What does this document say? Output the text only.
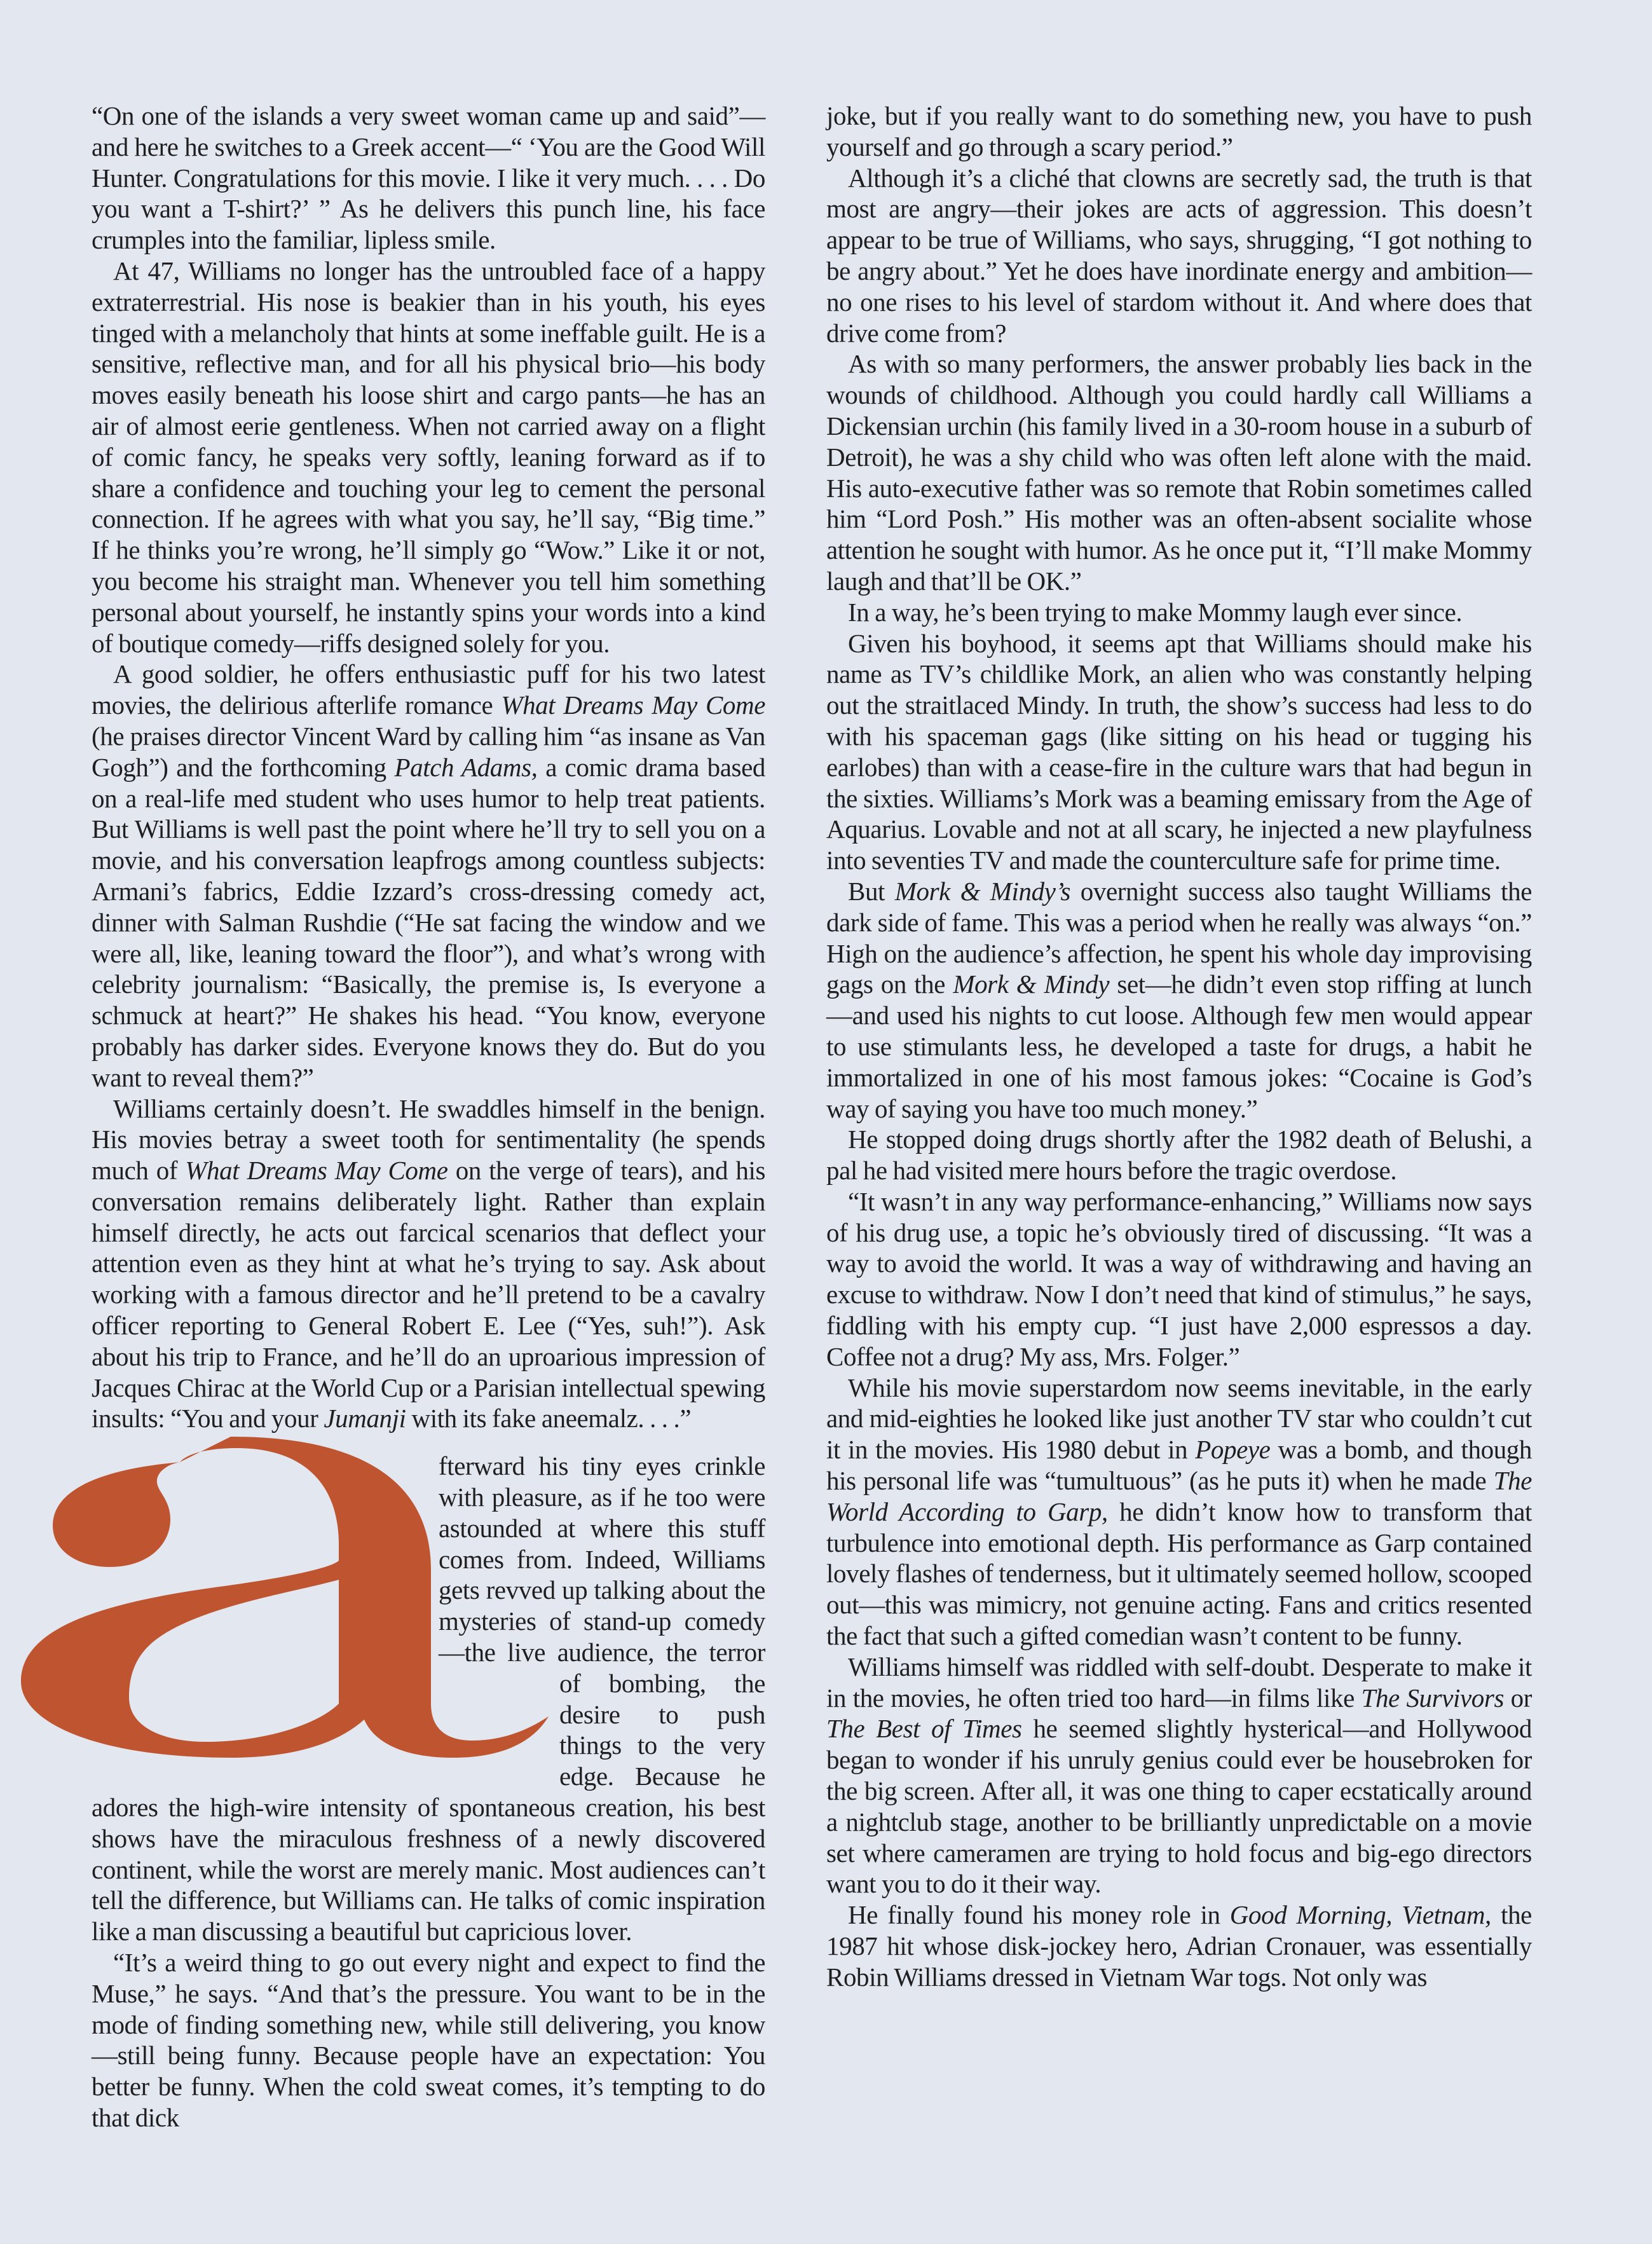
“On one of the islands a very sweet woman came up and said”—and here he switches to a Greek accent—“ ‘You are the Good Will Hunter. Congratulations for this movie. I like it very much. . . . Do you want a T-shirt?’ ” As he delivers this punch line, his face crumples into the familiar, lipless smile.

At 47, Williams no longer has the untroubled face of a happy extraterrestrial. His nose is beakier than in his youth, his eyes tinged with a melancholy that hints at some ineffable guilt. He is a sensitive, reflective man, and for all his physical brio—his body moves easily beneath his loose shirt and cargo pants—he has an air of almost eerie gentleness. When not carried away on a flight of comic fancy, he speaks very softly, leaning forward as if to share a confidence and touching your leg to cement the personal connection. If he agrees with what you say, he’ll say, “Big time.” If he thinks you’re wrong, he’ll simply go “Wow.” Like it or not, you become his straight man. Whenever you tell him something personal about yourself, he instantly spins your words into a kind of boutique comedy—riffs designed solely for you.

A good soldier, he offers enthusiastic puff for his two latest movies, the delirious afterlife romance What Dreams May Come (he praises director Vincent Ward by calling him “as insane as Van Gogh”) and the forthcoming Patch Adams, a comic drama based on a real-life med student who uses humor to help treat patients. But Williams is well past the point where he’ll try to sell you on a movie, and his conversation leapfrogs among countless subjects: Armani’s fabrics, Eddie Izzard’s cross-dressing comedy act, dinner with Salman Rushdie (“He sat facing the window and we were all, like, leaning toward the floor”), and what’s wrong with celebrity journalism: “Basically, the premise is, Is everyone a schmuck at heart?” He shakes his head. “You know, everyone probably has darker sides. Everyone knows they do. But do you want to reveal them?”

Williams certainly doesn’t. He swaddles himself in the benign. His movies betray a sweet tooth for sentimentality (he spends much of What Dreams May Come on the verge of tears), and his conversation remains deliberately light. Rather than explain himself directly, he acts out farcical scenarios that deflect your attention even as they hint at what he’s trying to say. Ask about working with a famous director and he’ll pretend to be a cavalry officer reporting to General Robert E. Lee (“Yes, suh!”). Ask about his trip to France, and he’ll do an uproarious impression of Jacques Chirac at the World Cup or a Parisian intellectual spewing insults: “You and your Jumanji with its fake aneemalz. . . .”

fterward his tiny eyes crinkle with pleasure, as if he too were astounded at where this stuff comes from. Indeed, Williams gets revved up talking about the mysteries of stand-up comedy—the live audience, the terror of bombing, the desire to push things to the very edge. Because he adores the high-wire intensity of spontaneous creation, his best shows have the miraculous freshness of a newly discovered continent, while the worst are merely manic. Most audiences can’t tell the difference, but Williams can. He talks of comic inspiration like a man discussing a beautiful but capricious lover.

“It’s a weird thing to go out every night and expect to find the Muse,” he says. “And that’s the pressure. You want to be in the mode of finding something new, while still delivering, you know—still being funny. Because people have an expectation: You better be funny. When the cold sweat comes, it’s tempting to do that dick

joke, but if you really want to do something new, you have to push yourself and go through a scary period.”

Although it’s a cliché that clowns are secretly sad, the truth is that most are angry—their jokes are acts of aggression. This doesn’t appear to be true of Williams, who says, shrugging, “I got nothing to be angry about.” Yet he does have inordinate energy and ambition—no one rises to his level of stardom without it. And where does that drive come from?

As with so many performers, the answer probably lies back in the wounds of childhood. Although you could hardly call Williams a Dickensian urchin (his family lived in a 30-room house in a suburb of Detroit), he was a shy child who was often left alone with the maid. His auto-executive father was so remote that Robin sometimes called him “Lord Posh.” His mother was an often-absent socialite whose attention he sought with humor. As he once put it, “I’ll make Mommy laugh and that’ll be OK.”

In a way, he’s been trying to make Mommy laugh ever since.

Given his boyhood, it seems apt that Williams should make his name as TV’s childlike Mork, an alien who was constantly helping out the straitlaced Mindy. In truth, the show’s success had less to do with his spaceman gags (like sitting on his head or tugging his earlobes) than with a cease-fire in the culture wars that had begun in the sixties. Williams’s Mork was a beaming emissary from the Age of Aquarius. Lovable and not at all scary, he injected a new playfulness into seventies TV and made the counterculture safe for prime time.

But Mork & Mindy’s overnight success also taught Williams the dark side of fame. This was a period when he really was always “on.” High on the audience’s affection, he spent his whole day improvising gags on the Mork & Mindy set—he didn’t even stop riffing at lunch—and used his nights to cut loose. Although few men would appear to use stimulants less, he developed a taste for drugs, a habit he immortalized in one of his most famous jokes: “Cocaine is God’s way of saying you have too much money.”

He stopped doing drugs shortly after the 1982 death of Belushi, a pal he had visited mere hours before the tragic overdose.

“It wasn’t in any way performance-enhancing,” Williams now says of his drug use, a topic he’s obviously tired of discussing. “It was a way to avoid the world. It was a way of withdrawing and having an excuse to withdraw. Now I don’t need that kind of stimulus,” he says, fiddling with his empty cup. “I just have 2,000 espressos a day. Coffee not a drug? My ass, Mrs. Folger.”

While his movie superstardom now seems inevitable, in the early and mid-eighties he looked like just another TV star who couldn’t cut it in the movies. His 1980 debut in Popeye was a bomb, and though his personal life was “tumultuous” (as he puts it) when he made The World According to Garp, he didn’t know how to transform that turbulence into emotional depth. His performance as Garp contained lovely flashes of tenderness, but it ultimately seemed hollow, scooped out—this was mimicry, not genuine acting. Fans and critics resented the fact that such a gifted comedian wasn’t content to be funny.

Williams himself was riddled with self-doubt. Desperate to make it in the movies, he often tried too hard—in films like The Survivors or The Best of Times he seemed slightly hysterical—and Hollywood began to wonder if his unruly genius could ever be housebroken for the big screen. After all, it was one thing to caper ecstatically around a nightclub stage, another to be brilliantly unpredictable on a movie set where cameramen are trying to hold focus and big-ego directors want you to do it their way.

He finally found his money role in Good Morning, Vietnam, the 1987 hit whose disk-jockey hero, Adrian Cronauer, was essentially Robin Williams dressed in Vietnam War togs. Not only was
